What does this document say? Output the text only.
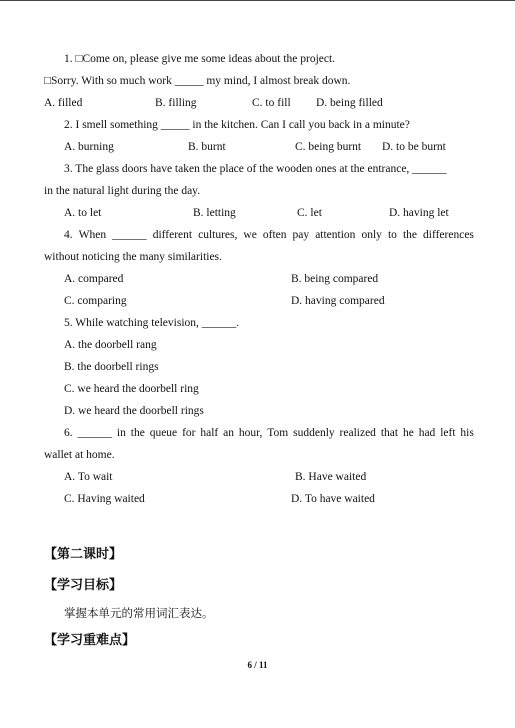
1. □Come on, please give me some ideas about the project.
□Sorry. With so much work _____ my mind, I almost break down.
A. filled	B. filling	C. to fill D. being filled
2. I smell something _____ in the kitchen. Can I call you back in a minute?
A. burning	B. burnt	C. being burnt D. to be burnt
3. The glass doors have taken the place of the wooden ones at the entrance, ______
in the natural light during the day.
A. to let	B. letting	C. let	D. having let
4. When ______ different cultures, we often pay attention only to the differences
without noticing the many similarities.
A. compared	B. being compared
C. comparing	D. having compared
5. While watching television, ______.
A. the doorbell rang
B. the doorbell rings
C. we heard the doorbell ring
D. we heard the doorbell rings
6. ______ in the queue for half an hour, Tom suddenly realized that he had left his
wallet at home.
A. To wait	B. Have waited
C. Having waited	D. To have waited
【第二课时】
【学习目标】
掌握本单元的常用词汇表达。
【学习重难点】
6 / 11
